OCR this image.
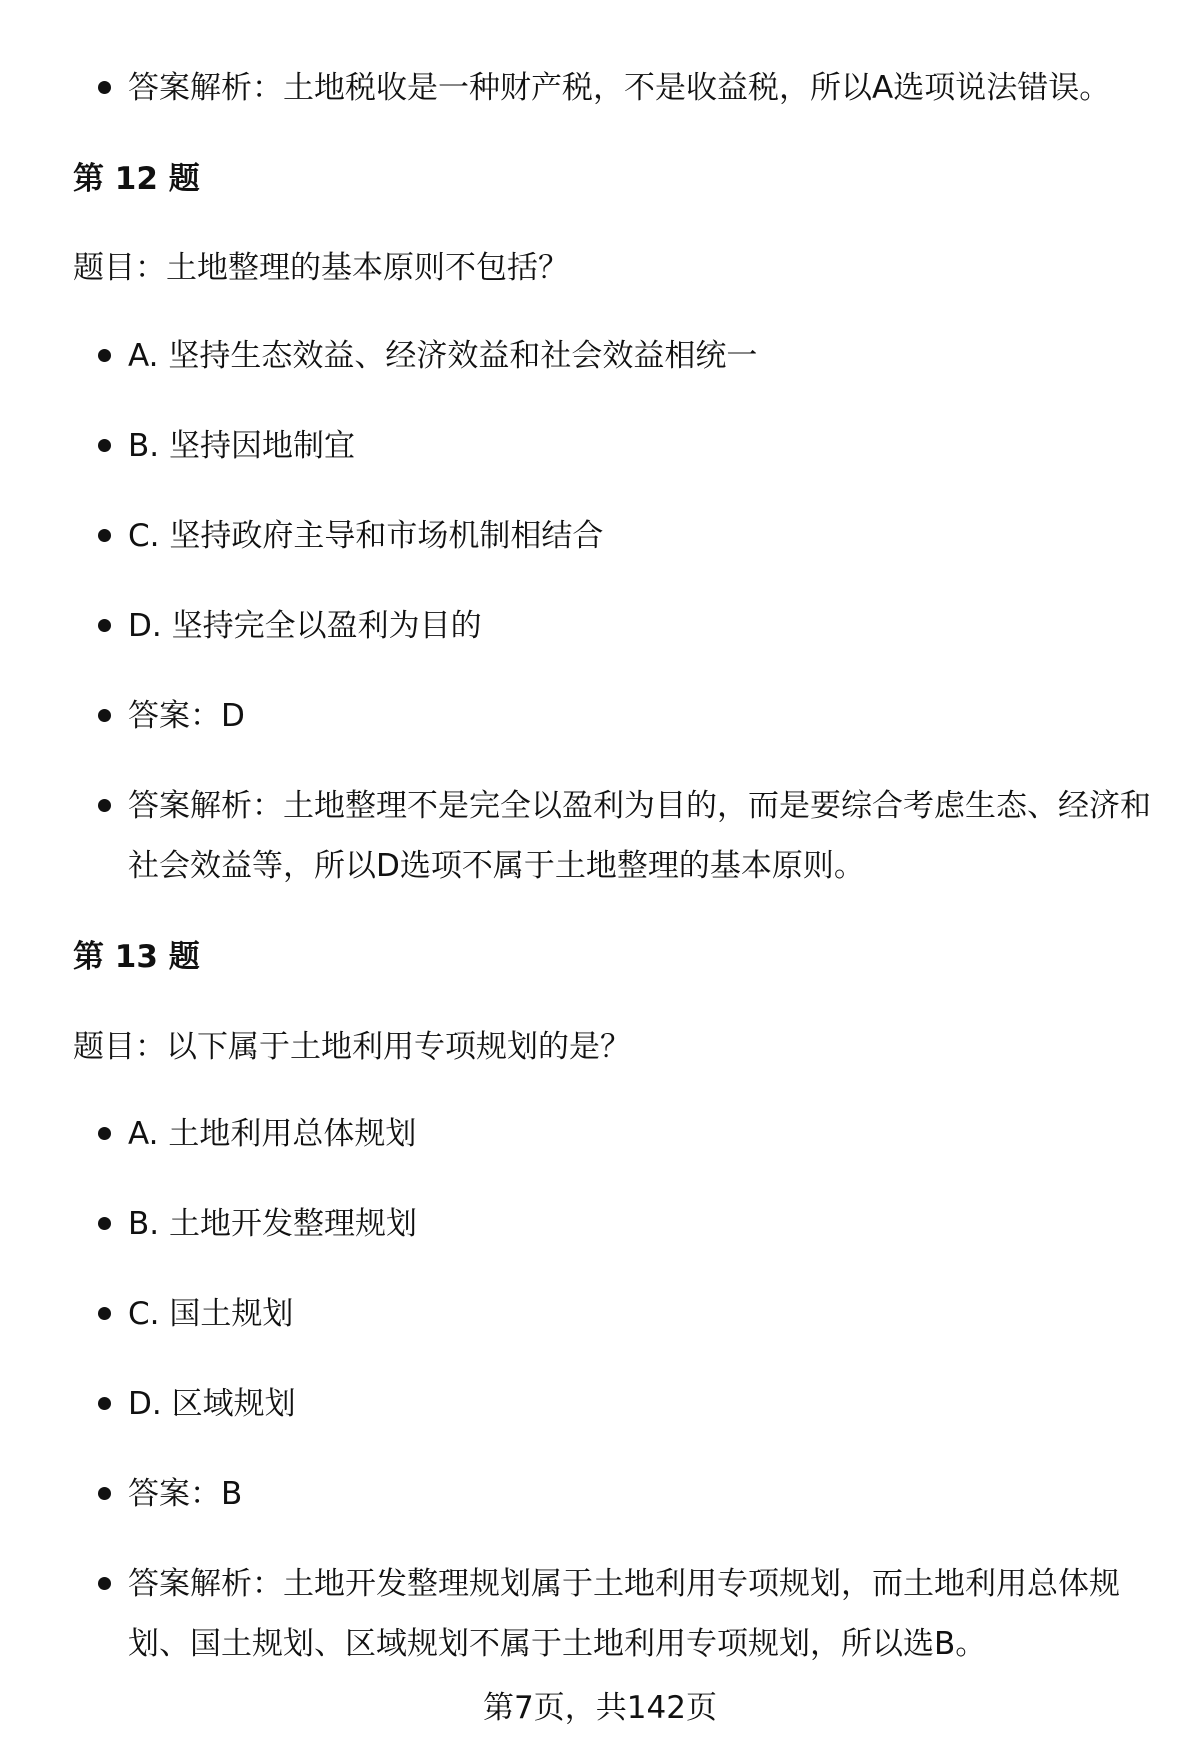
答案解析：土地税收是一种财产税，不是收益税，所以A选项说法错误。
第 12 题
题目：土地整理的基本原则不包括？
A. 坚持生态效益、经济效益和社会效益相统一
B. 坚持因地制宜
C. 坚持政府主导和市场机制相结合
D. 坚持完全以盈利为目的
答案：D
答案解析：土地整理不是完全以盈利为目的，而是要综合考虑生态、经济和社会效益等，所以D选项不属于土地整理的基本原则。
第 13 题
题目：以下属于土地利用专项规划的是？
A. 土地利用总体规划
B. 土地开发整理规划
C. 国土规划
D. 区域规划
答案：B
答案解析：土地开发整理规划属于土地利用专项规划，而土地利用总体规划、国土规划、区域规划不属于土地利用专项规划，所以选B。
第7页，共142页
